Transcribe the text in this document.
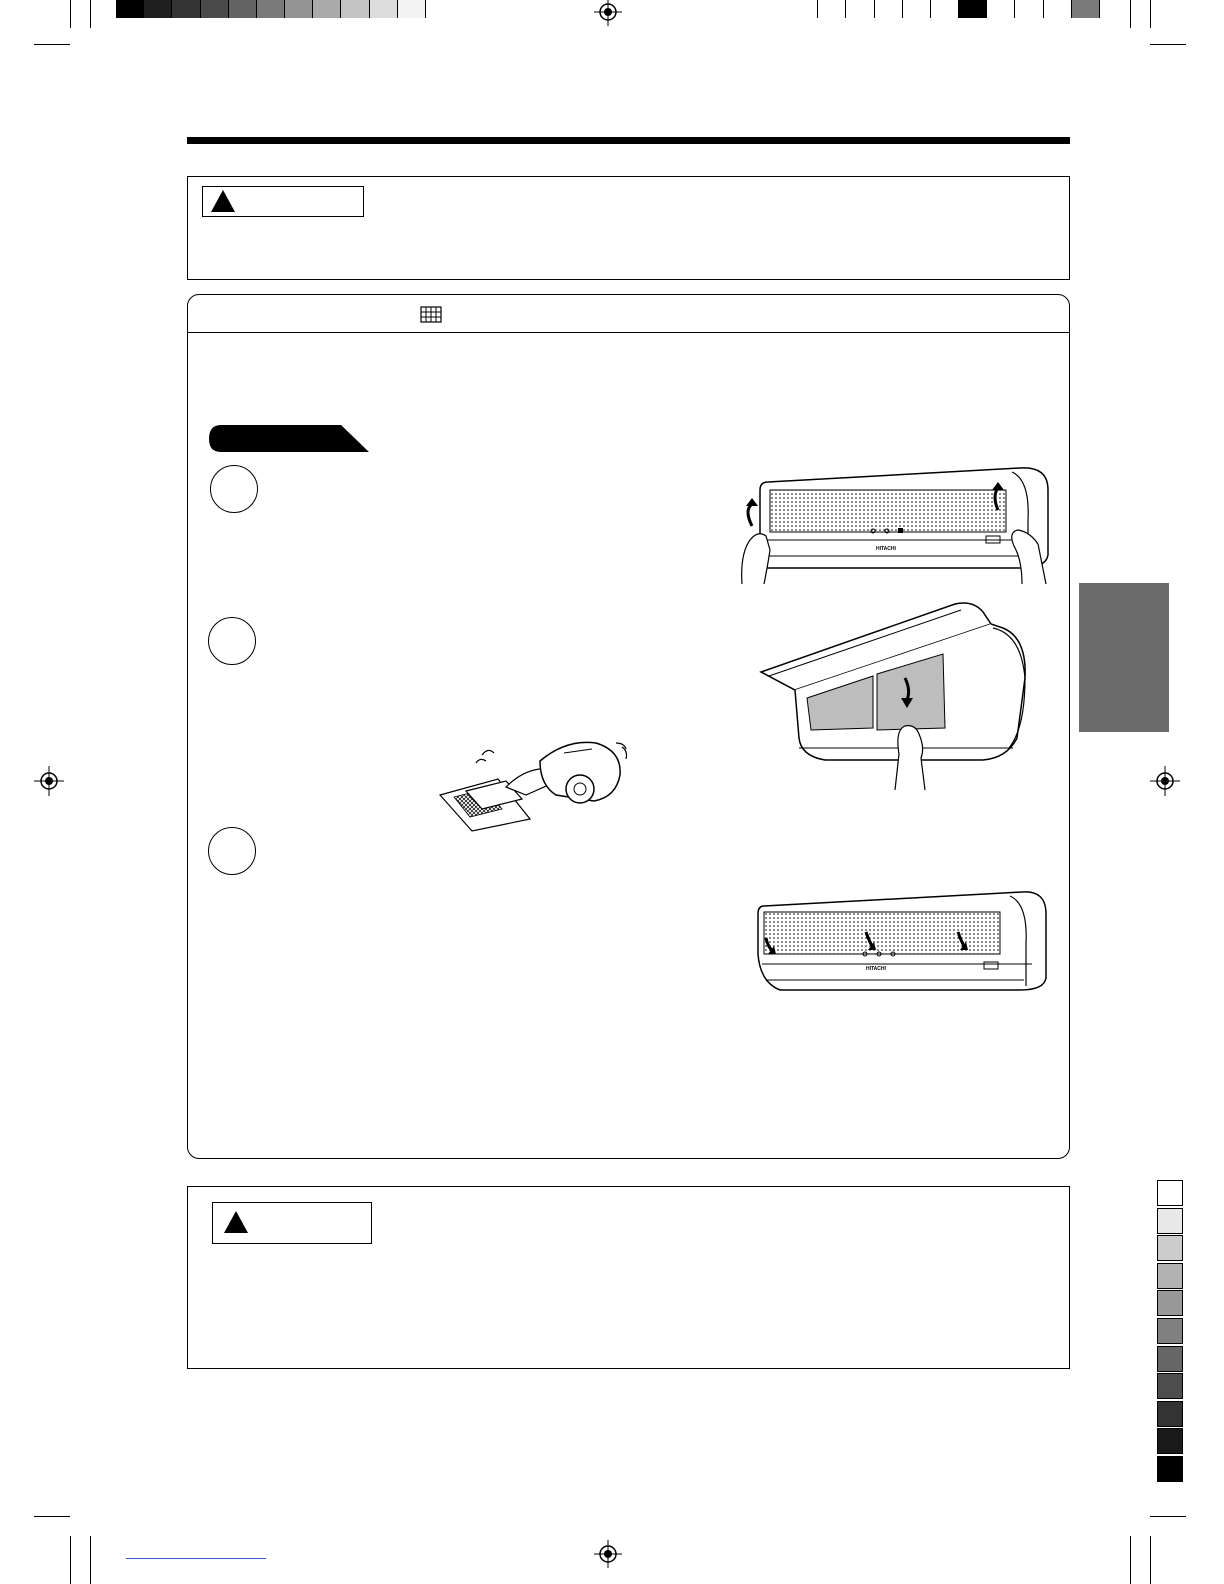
HITACHI
HITACHI
